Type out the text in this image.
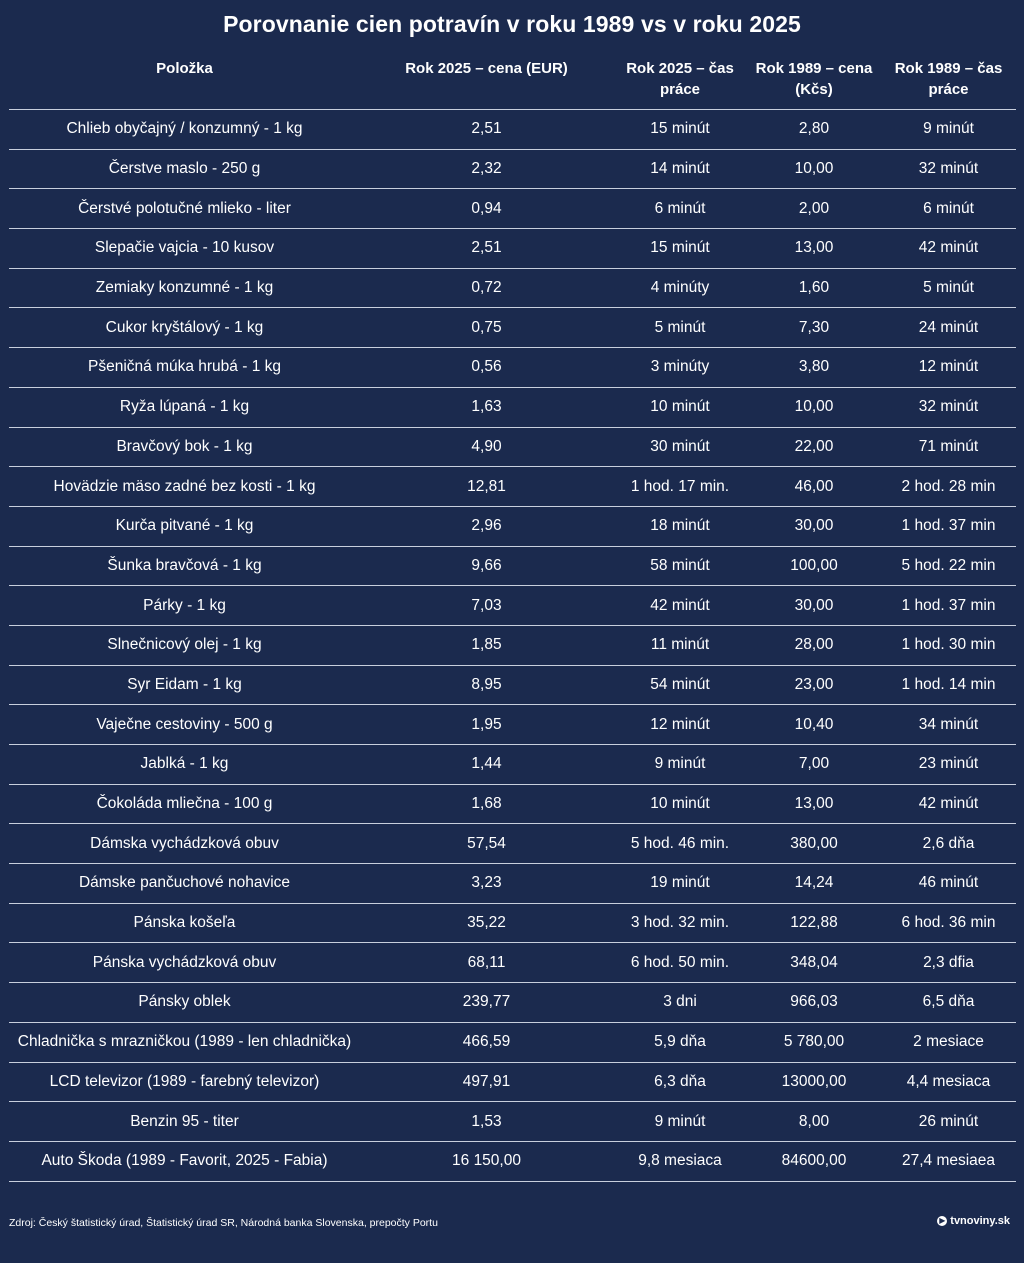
Porovnanie cien potravín v roku 1989 vs v roku 2025
Položka	Rok 2025 – cena (EUR)	Rok 2025 – čas práce	Rok 1989 – cena (Kčs)	Rok 1989 – čas práce
Chlieb obyčajný / konzumný - 1 kg	2,51	15 minút	2,80	9 minút
Čerstve maslo - 250 g	2,32	14 minút	10,00	32 minút
Čerstvé polotučné mlieko - liter	0,94	6 minút	2,00	6 minút
Slepačie vajcia - 10 kusov	2,51	15 minút	13,00	42 minút
Zemiaky konzumné - 1 kg	0,72	4 minúty	1,60	5 minút
Cukor kryštálový - 1 kg	0,75	5 minút	7,30	24 minút
Pšeničná múka hrubá - 1 kg	0,56	3 minúty	3,80	12 minút
Ryža lúpaná - 1 kg	1,63	10 minút	10,00	32 minút
Bravčový bok - 1 kg	4,90	30 minút	22,00	71 minút
Hovädzie mäso zadné bez kosti - 1 kg	12,81	1 hod. 17 min.	46,00	2 hod. 28 min
Kurča pitvané - 1 kg	2,96	18 minút	30,00	1 hod. 37 min
Šunka bravčová - 1 kg	9,66	58 minút	100,00	5 hod. 22 min
Párky - 1 kg	7,03	42 minút	30,00	1 hod. 37 min
Slnečnicový olej - 1 kg	1,85	11 minút	28,00	1 hod. 30 min
Syr Eidam - 1 kg	8,95	54 minút	23,00	1 hod. 14 min
Vaječne cestoviny - 500 g	1,95	12 minút	10,40	34 minút
Jablká - 1 kg	1,44	9 minút	7,00	23 minút
Čokoláda mliečna - 100 g	1,68	10 minút	13,00	42 minút
Dámska vychádzková obuv	57,54	5 hod. 46 min.	380,00	2,6 dňa
Dámske pančuchové nohavice	3,23	19 minút	14,24	46 minút
Pánska košeľa	35,22	3 hod. 32 min.	122,88	6 hod. 36 min
Pánska vychádzková obuv	68,11	6 hod. 50 min.	348,04	2,3 dfia
Pánsky oblek	239,77	3 dni	966,03	6,5 dňa
Chladnička s mrazničkou (1989 - len chladnička)	466,59	5,9 dňa	5 780,00	2 mesiace
LCD televizor (1989 - farebný televizor)	497,91	6,3 dňa	13000,00	4,4 mesiaca
Benzin 95 - titer	1,53	9 minút	8,00	26 minút
Auto Škoda (1989 - Favorit, 2025 - Fabia)	16 150,00	9,8 mesiaca	84600,00	27,4 mesiaea
Zdroj: Český štatistický úrad, Štatistický úrad SR, Národná banka Slovenska, prepočty Portu	▶ tvnoviny.sk
